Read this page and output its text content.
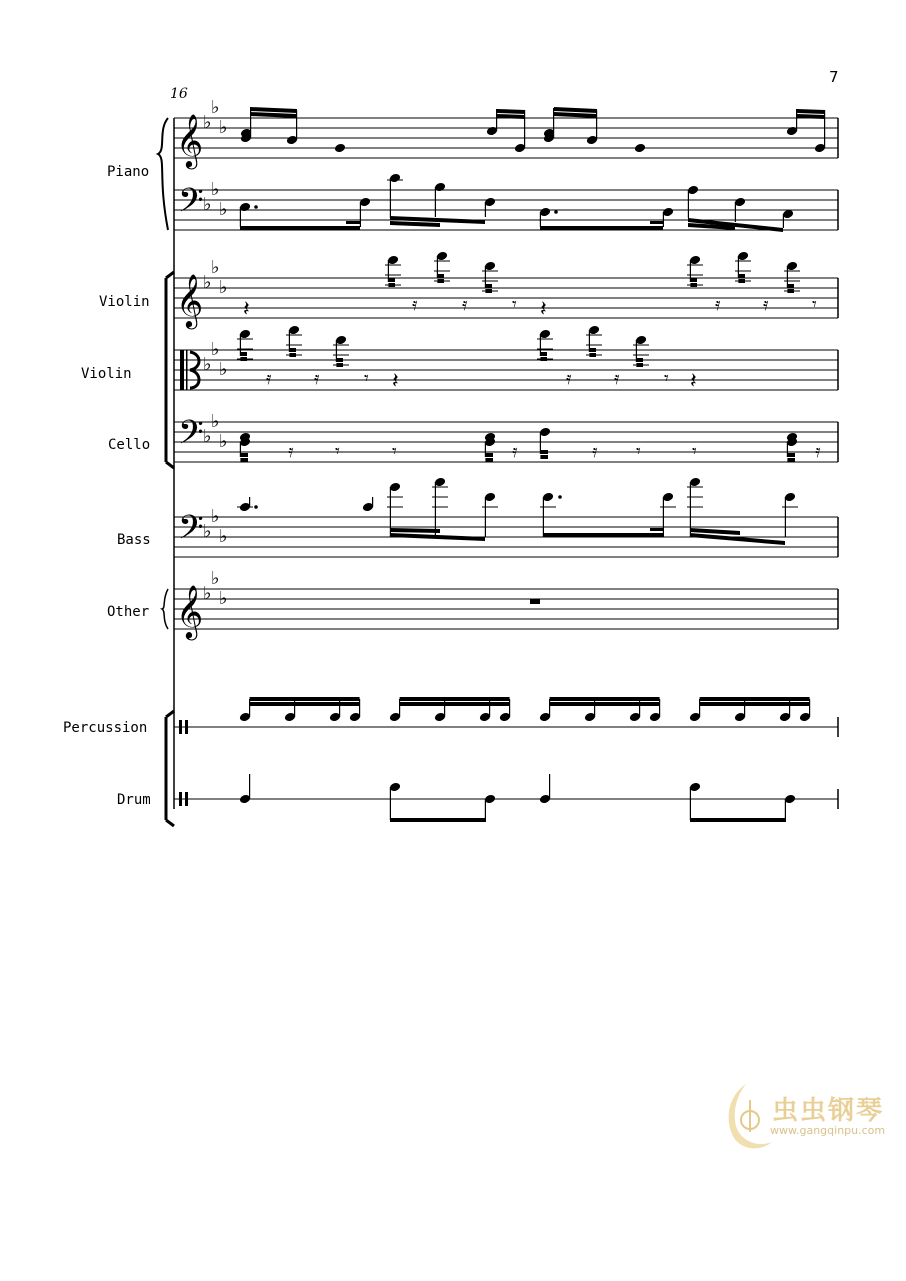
𝄞
𝄢
𝄞
𝄢
𝄢
𝄞
♭
♭
♭
♭
♭
♭
♭
♭
♭
♭
♭
♭
♭
♭
♭
♭
♭
♭
♭
♭
♭
𝄽	𝄿 𝄿 𝄾 𝄽	𝄿 𝄿 𝄾
𝄿 𝄿 𝄾 𝄽	𝄿 𝄿 𝄾 𝄽
𝄿 𝄾	𝄾	𝄿	𝄿 𝄾	𝄾	𝄿
7
16
Piano
Violin
Violin
Cello
Bass
Other
Percussion
Drum
虫虫钢琴
www.gangqinpu.com
